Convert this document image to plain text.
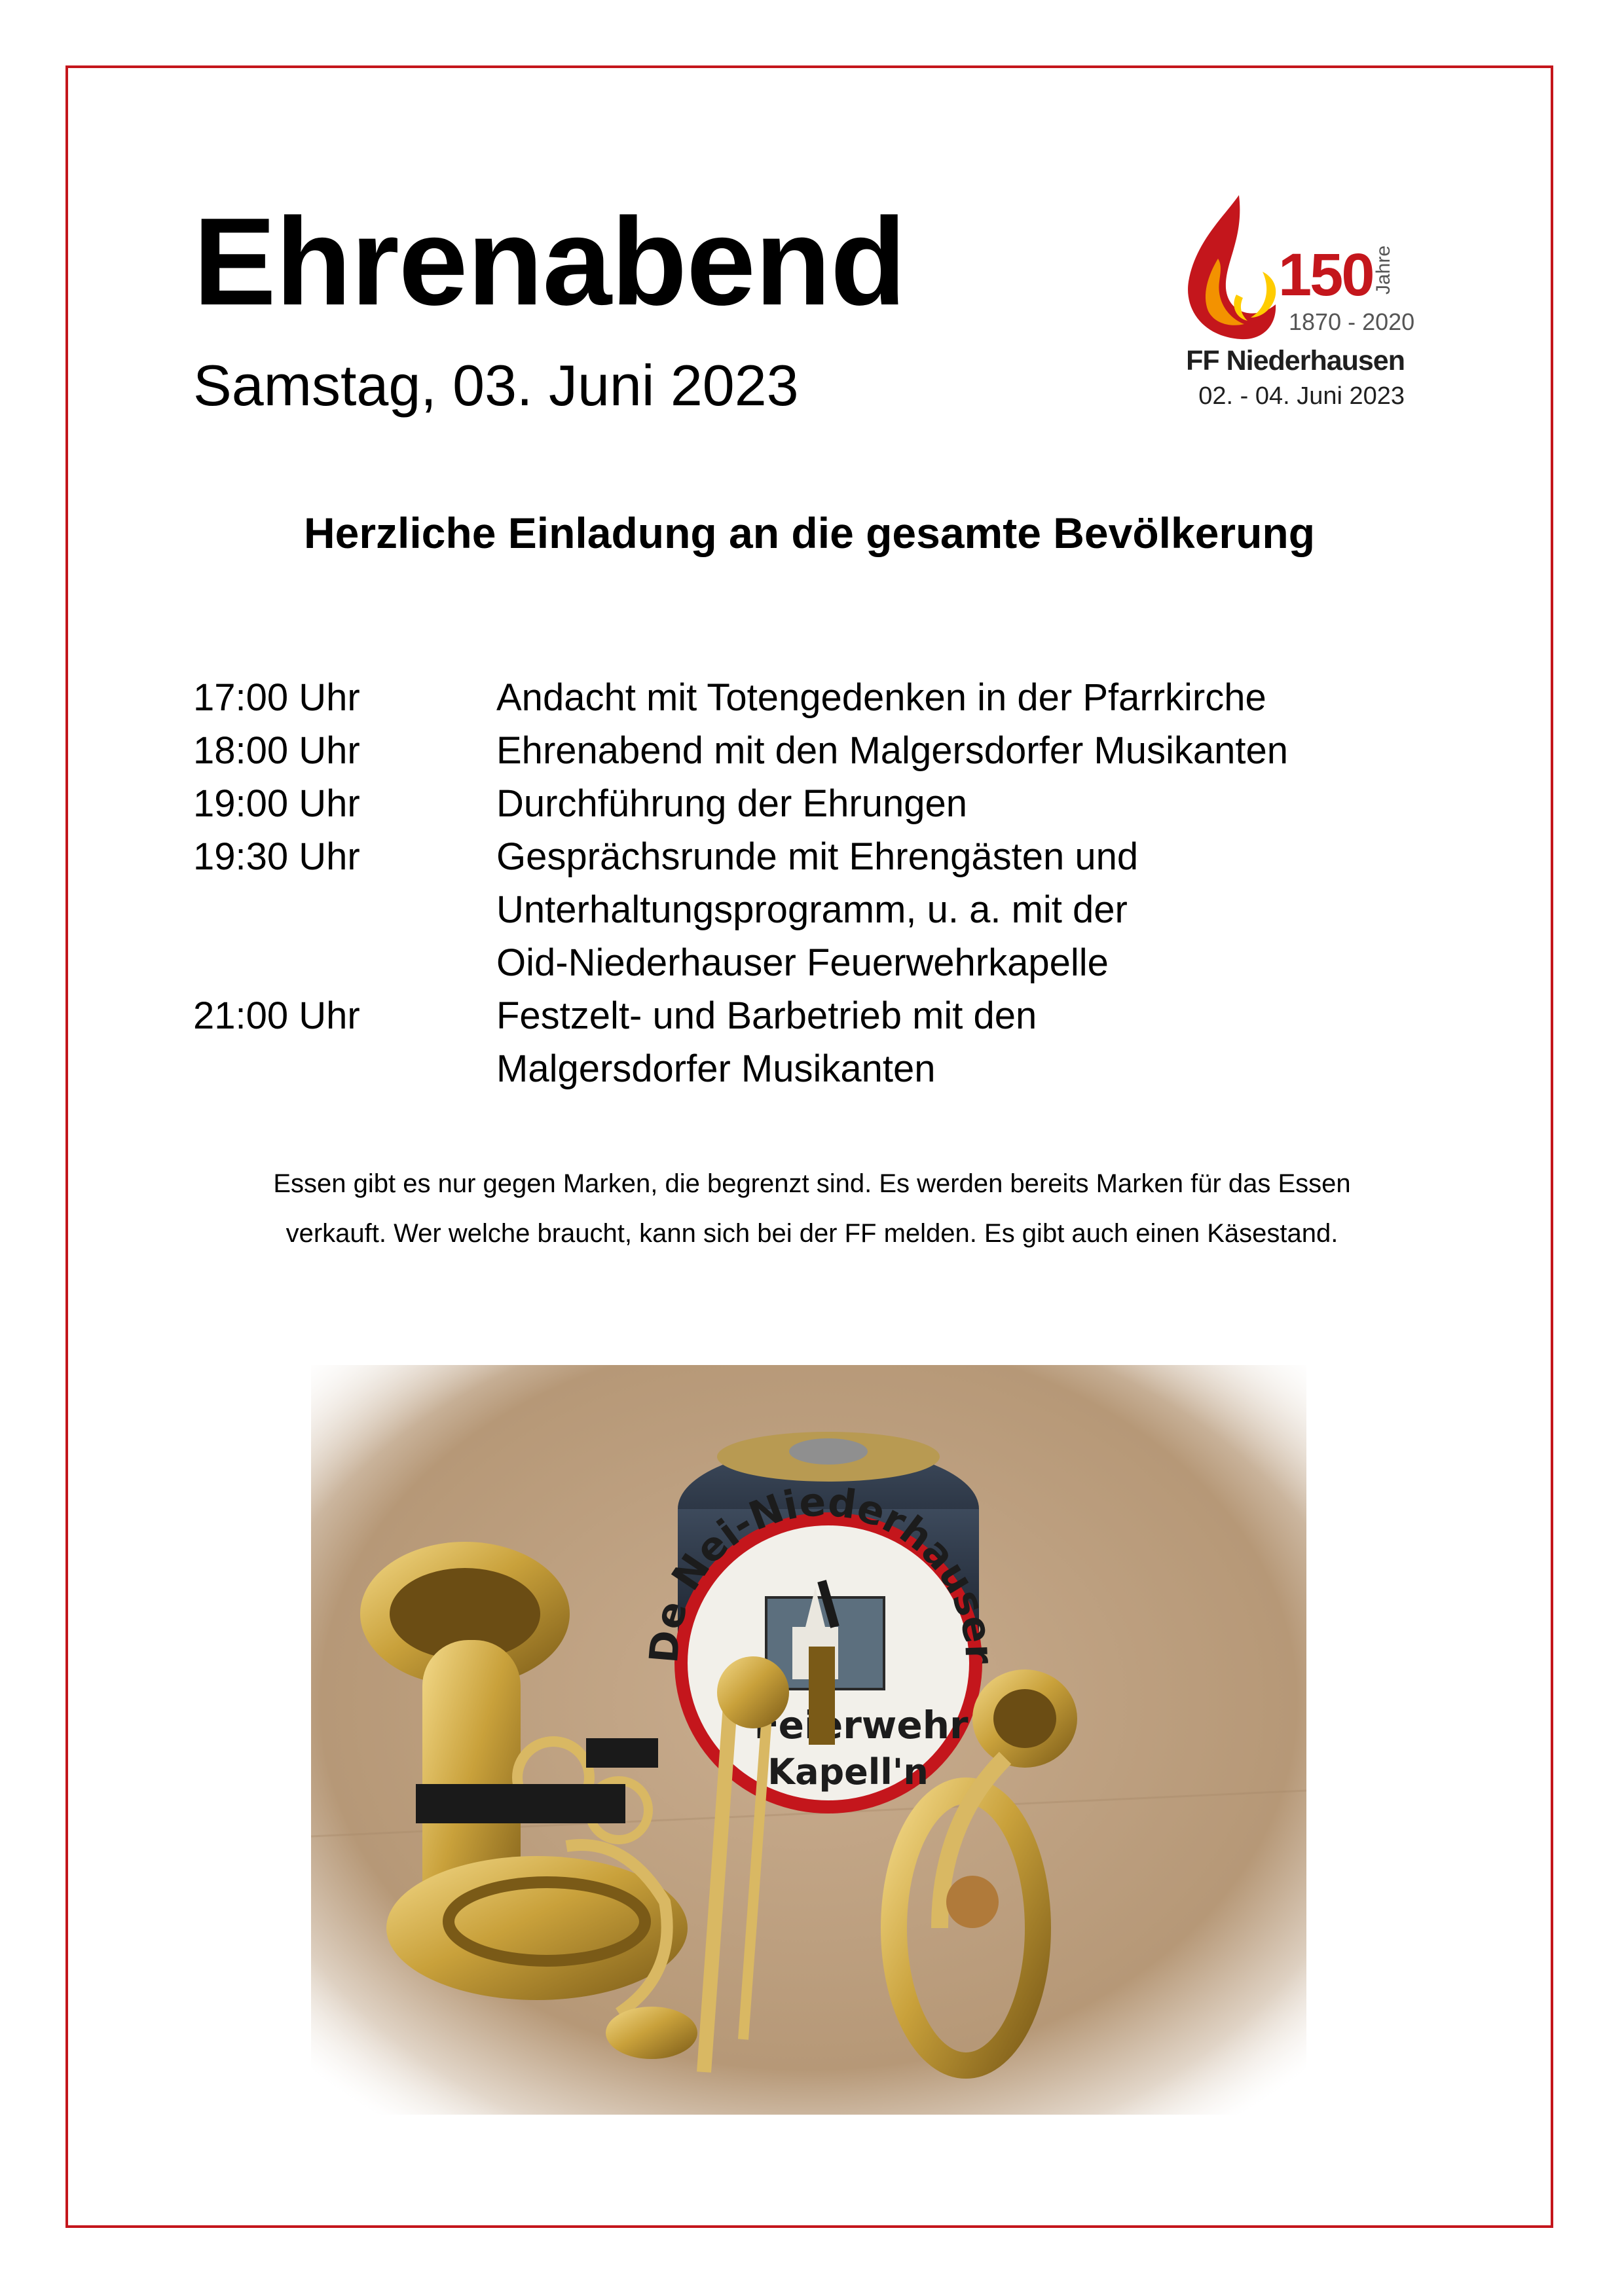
Ehrenabend
Samstag, 03. Juni 2023
150 Jahre
1870 - 2020
FF Niederhausen
02. - 04. Juni 2023
Herzliche Einladung an die gesamte Bevölkerung
17:00 Uhr	Andacht mit Totengedenken in der Pfarrkirche
18:00 Uhr	Ehrenabend mit den Malgersdorfer Musikanten
19:00 Uhr	Durchführung der Ehrungen
19:30 Uhr	Gesprächsrunde mit Ehrengästen und
Unterhaltungsprogramm, u. a. mit der
Oid-Niederhauser Feuerwehrkapelle
21:00 Uhr	Festzelt- und Barbetrieb mit den
Malgersdorfer Musikanten
Essen gibt es nur gegen Marken, die begrenzt sind. Es werden bereits Marken für das Essen
verkauft. Wer welche braucht, kann sich bei der FF melden. Es gibt auch einen Käsestand.
